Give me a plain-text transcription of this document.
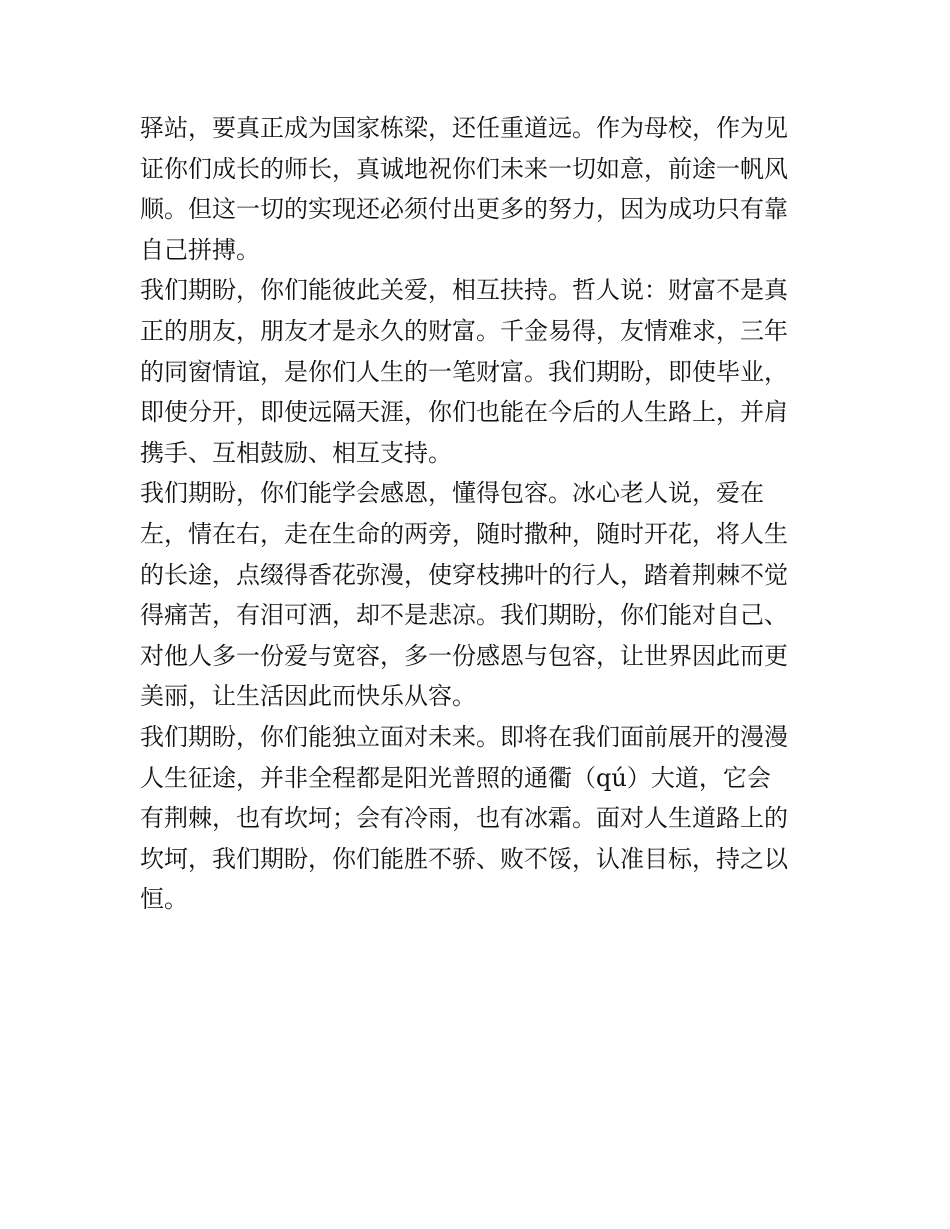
驿站，要真正成为国家栋梁，还任重道远。作为母校，作为见
证你们成长的师长，真诚地祝你们未来一切如意，前途一帆风
顺。但这一切的实现还必须付出更多的努力，因为成功只有靠
自己拼搏。
我们期盼，你们能彼此关爱，相互扶持。哲人说：财富不是真
正的朋友，朋友才是永久的财富。千金易得，友情难求，三年
的同窗情谊，是你们人生的一笔财富。我们期盼，即使毕业，
即使分开，即使远隔天涯，你们也能在今后的人生路上，并肩
携手、互相鼓励、相互支持。
我们期盼，你们能学会感恩，懂得包容。冰心老人说，爱在
左，情在右，走在生命的两旁，随时撒种，随时开花，将人生
的长途，点缀得香花弥漫，使穿枝拂叶的行人，踏着荆棘不觉
得痛苦，有泪可洒，却不是悲凉。我们期盼，你们能对自己、
对他人多一份爱与宽容，多一份感恩与包容，让世界因此而更
美丽，让生活因此而快乐从容。
我们期盼，你们能独立面对未来。即将在我们面前展开的漫漫
人生征途，并非全程都是阳光普照的通衢（qú）大道，它会
有荆棘，也有坎坷；会有冷雨，也有冰霜。面对人生道路上的
坎坷，我们期盼，你们能胜不骄、败不馁，认准目标，持之以
恒。
